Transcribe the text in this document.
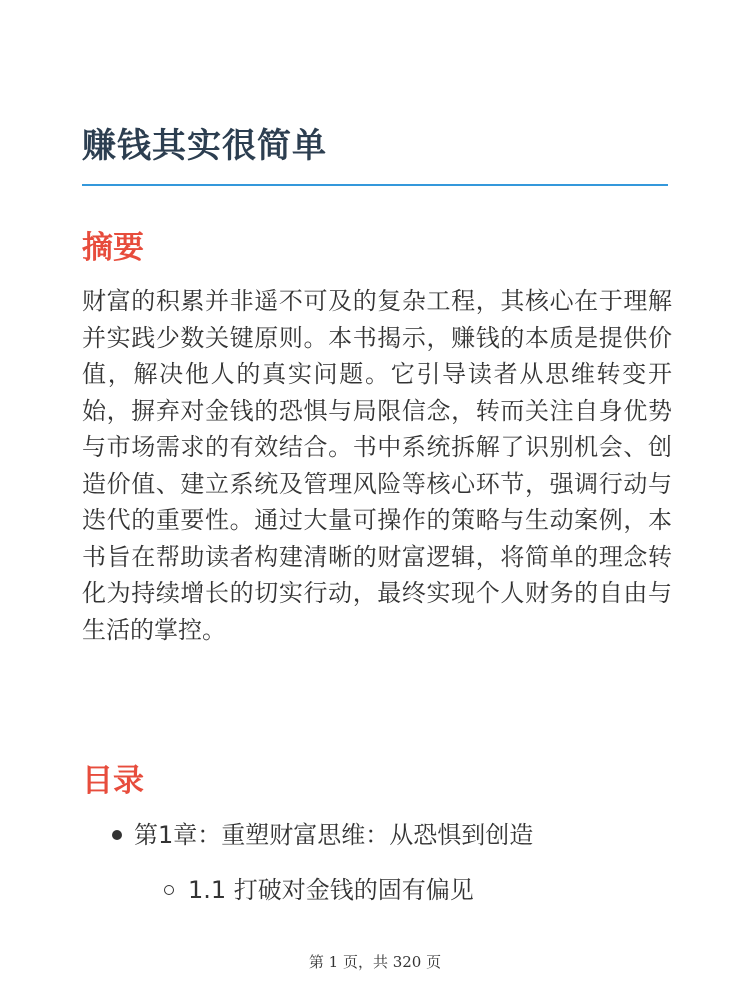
赚钱其实很简单
摘要

财富的积累并非遥不可及的复杂工程，其核心在于理解并实践少数关键原则。本书揭示，赚钱的本质是提供价值，解决他人的真实问题。它引导读者从思维转变开始，摒弃对金钱的恐惧与局限信念，转而关注自身优势与市场需求的有效结合。书中系统拆解了识别机会、创造价值、建立系统及管理风险等核心环节，强调行动与迭代的重要性。通过大量可操作的策略与生动案例，本书旨在帮助读者构建清晰的财富逻辑，将简单的理念转化为持续增长的切实行动，最终实现个人财务的自由与生活的掌控。

目录
第1章：重塑财富思维：从恐惧到创造
1.1 打破对金钱的固有偏见
第 1 页，共 320 页
